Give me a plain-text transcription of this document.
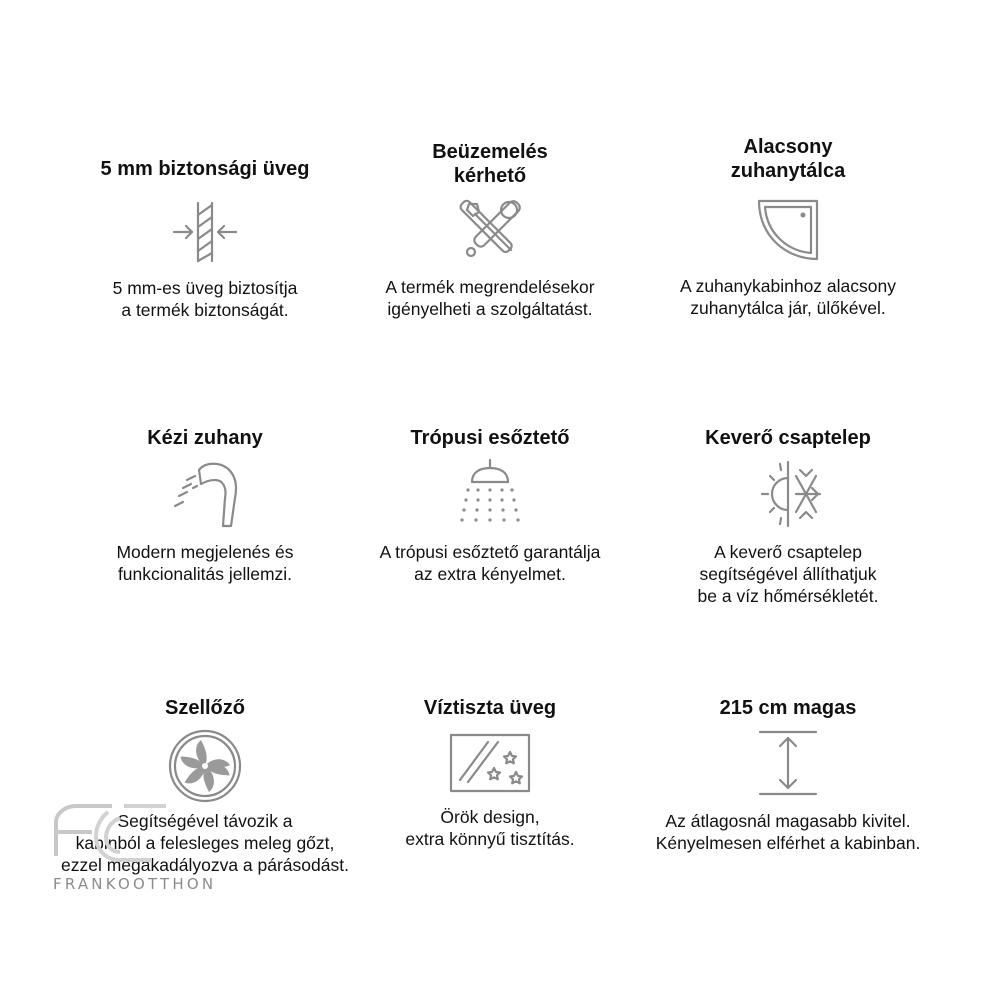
5 mm biztonsági üveg

5 mm-es üveg biztosítja
a termék biztonságát.

Beüzemelés
kérhető

A termék megrendelésekor
igényelheti a szolgáltatást.

Alacsony
zuhanytálca

A zuhanykabinhoz alacsony
zuhanytálca jár, ülőkével.

Kézi zuhany

Modern megjelenés és
funkcionalitás jellemzi.

Trópusi esőztető

A trópusi esőztető garantálja
az extra kényelmet.

Keverő csaptelep

A keverő csaptelep
segítségével állíthatjuk
be a víz hőmérsékletét.

Szellőző

Segítségével távozik a
kabinból a felesleges meleg gőzt,
ezzel megakadályozva a párásodást.

Víztiszta üveg

Örök design,
extra könnyű tisztítás.

215 cm magas

Az átlagosnál magasabb kivitel.
Kényelmesen elférhet a kabinban.

FRANKOOTTHON
